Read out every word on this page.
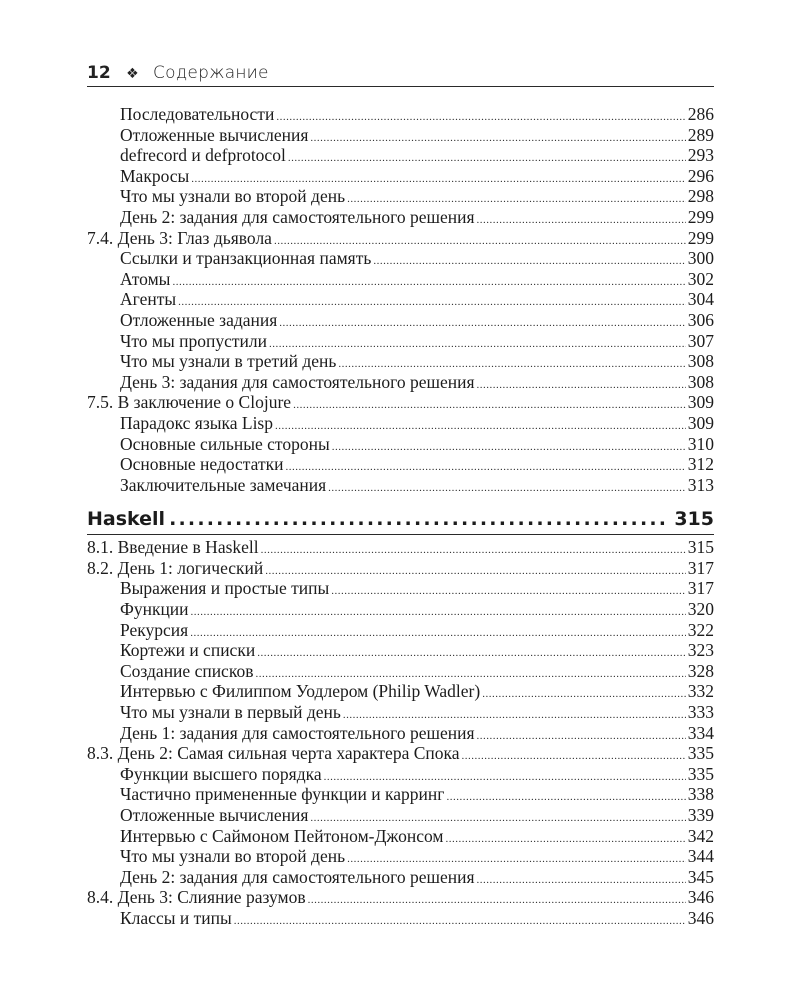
12 ❖ Содержание
Последовательности .....	286
Отложенные вычисления .....	289
defrecord и defprotocol .....	293
Макросы .....	296
Что мы узнали во второй день .....	298
День 2: задания для самостоятельного решения .....	299
7.4. День 3: Глаз дьявола .....	299
Ссылки и транзакционная память .....	300
Атомы .....	302
Агенты .....	304
Отложенные задания .....	306
Что мы пропустили .....	307
Что мы узнали в третий день .....	308
День 3: задания для самостоятельного решения .....	308
7.5. В заключение о Clojure .....	309
Парадокс языка Lisp .....	309
Основные сильные стороны .....	310
Основные недостатки .....	312
Заключительные замечания .....	313
Haskell .....	315
8.1. Введение в Haskell .....	315
8.2. День 1: логический .....	317
Выражения и простые типы .....	317
Функции .....	320
Рекурсия .....	322
Кортежи и списки .....	323
Создание списков .....	328
Интервью с Филиппом Уодлером (Philip Wadler) .....	332
Что мы узнали в первый день .....	333
День 1: задания для самостоятельного решения .....	334
8.3. День 2: Самая сильная черта характера Спока .....	335
Функции высшего порядка .....	335
Частично примененные функции и карринг .....	338
Отложенные вычисления .....	339
Интервью с Саймоном Пейтоном-Джонсом .....	342
Что мы узнали во второй день .....	344
День 2: задания для самостоятельного решения .....	345
8.4. День 3: Слияние разумов .....	346
Классы и типы .....	346
